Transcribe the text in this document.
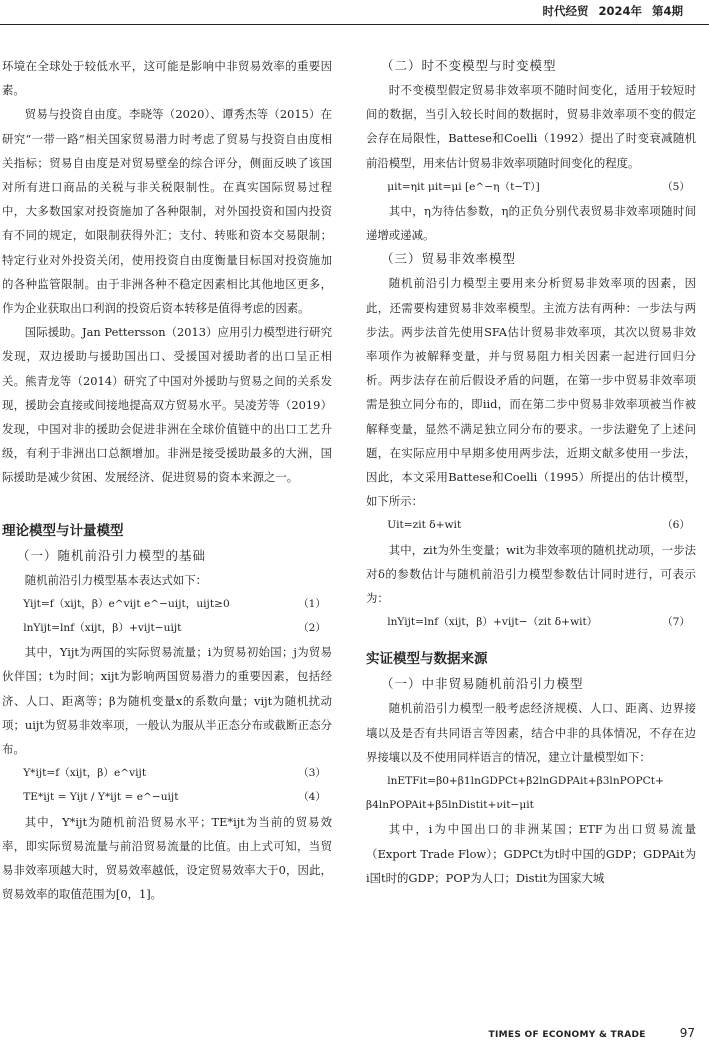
时代经贸 2024年 第4期

环境在全球处于较低水平，这可能是影响中非贸易效率的重要因素。

贸易与投资自由度。李晓等（2020）、谭秀杰等（2015）在研究“一带一路”相关国家贸易潜力时考虑了贸易与投资自由度相关指标；贸易自由度是对贸易壁垒的综合评分，侧面反映了该国对所有进口商品的关税与非关税限制性。在真实国际贸易过程中，大多数国家对投资施加了各种限制，对外国投资和国内投资有不同的规定，如限制获得外汇；支付、转账和资本交易限制；特定行业对外投资关闭，使用投资自由度衡量目标国对投资施加的各种监管限制。由于非洲各种不稳定因素相比其他地区更多，作为企业获取出口利润的投资后资本转移是值得考虑的因素。

国际援助。Jan Pettersson（2013）应用引力模型进行研究发现，双边援助与援助国出口、受援国对援助者的出口呈正相关。熊青龙等（2014）研究了中国对外援助与贸易之间的关系发现，援助会直接或间接地提高双方贸易水平。吴凌芳等（2019）发现，中国对非的援助会促进非洲在全球价值链中的出口工艺升级，有利于非洲出口总额增加。非洲是接受援助最多的大洲，国际援助是减少贫困、发展经济、促进贸易的资本来源之一。

理论模型与计量模型
（一）随机前沿引力模型的基础

随机前沿引力模型基本表达式如下：

Yijt=f（xijt，β）e^vijt e^−uijt，uijt≥0	（1）
lnYijt=lnf（xijt，β）+vijt−uijt	（2）

其中，Yijt为两国的实际贸易流量；i为贸易初始国；j为贸易伙伴国；t为时间；xijt为影响两国贸易潜力的重要因素，包括经济、人口、距离等；β为随机变量x的系数向量；vijt为随机扰动项；uijt为贸易非效率项，一般认为服从半正态分布或截断正态分布。

Y*ijt=f（xijt，β）e^vijt	（3）
TE*ijt = Yijt / Y*ijt = e^−uijt	（4）

其中，Y*ijt为随机前沿贸易水平；TE*ijt为当前的贸易效率，即实际贸易流量与前沿贸易流量的比值。由上式可知，当贸易非效率项越大时，贸易效率越低，设定贸易效率大于0，因此，贸易效率的取值范围为[0，1]。

（二）时不变模型与时变模型

时不变模型假定贸易非效率项不随时间变化，适用于较短时间的数据，当引入较长时间的数据时，贸易非效率项不变的假定会存在局限性，Battese和Coelli（1992）提出了时变衰减随机前沿模型，用来估计贸易非效率项随时间变化的程度。

μit=ηit μit=μi [e^−η（t−T）]	（5）

其中，η为待估参数，η的正负分别代表贸易非效率项随时间递增或递减。

（三）贸易非效率模型

随机前沿引力模型主要用来分析贸易非效率项的因素，因此，还需要构建贸易非效率模型。主流方法有两种：一步法与两步法。两步法首先使用SFA估计贸易非效率项，其次以贸易非效率项作为被解释变量，并与贸易阻力相关因素一起进行回归分析。两步法存在前后假设矛盾的问题，在第一步中贸易非效率项需是独立同分布的，即iid，而在第二步中贸易非效率项被当作被解释变量，显然不满足独立同分布的要求。一步法避免了上述问题，在实际应用中早期多使用两步法，近期文献多使用一步法，因此，本文采用Battese和Coelli（1995）所提出的估计模型，如下所示：

Uit=zit δ+wit	（6）

其中，zit为外生变量；wit为非效率项的随机扰动项，一步法对δ的参数估计与随机前沿引力模型参数估计同时进行，可表示为：

lnYijt=lnf（xijt，β）+vijt−（zit δ+wit）	（7）
实证模型与数据来源
（一）中非贸易随机前沿引力模型

随机前沿引力模型一般考虑经济规模、人口、距离、边界接壤以及是否有共同语言等因素，结合中非的具体情况，不存在边界接壤以及不使用同样语言的情况，建立计量模型如下：

lnETFit=β0+β1lnGDPCt+β2lnGDPAit+β3lnPOPCt+
β4lnPOPAit+β5lnDistit+νit−μit

其中，i为中国出口的非洲某国；ETF为出口贸易流量（Export Trade Flow）；GDPCt为t时中国的GDP；GDPAit为i国t时的GDP；POP为人口；Distit为国家大城

TIMES OF ECONOMY & TRADE	97
